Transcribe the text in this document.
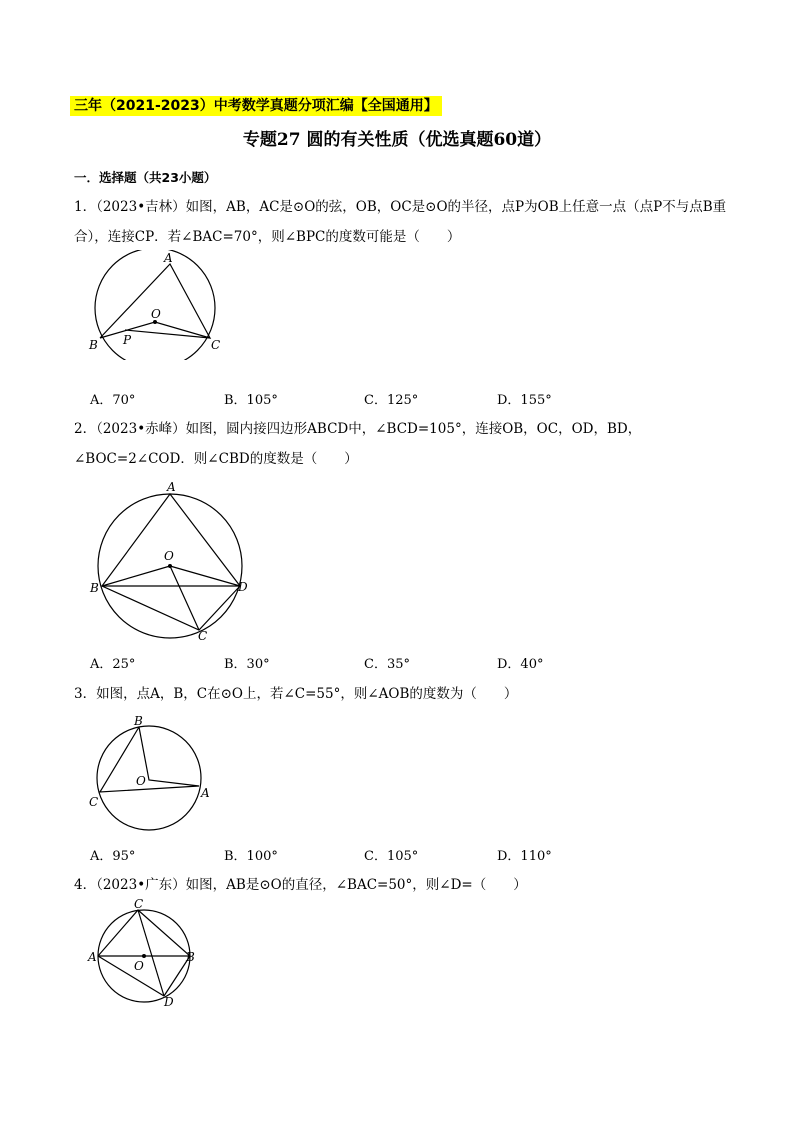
三年（2021-2023）中考数学真题分项汇编【全国通用】
专题27 圆的有关性质（优选真题60道）
一．选择题（共23小题）
1．（2023•吉林）如图，AB，AC是⊙O的弦，OB，OC是⊙O的半径，点P为OB上任意一点（点P不与点B重合），连接CP．若∠BAC=70°，则∠BPC的度数可能是（　　）
A
B	C
O
P
A．70°	B．105°	C．125°	D．155°
2．（2023•赤峰）如图，圆内接四边形ABCD中，∠BCD=105°，连接OB，OC，OD，BD，∠BOC=2∠COD．则∠CBD的度数是（　　）
A
B
C
D
O
A．25°	B．30°	C．35°	D．40°
3．如图，点A，B，C在⊙O上，若∠C=55°，则∠AOB的度数为（　　）
B
C
A
O
A．95°	B．100°	C．105°	D．110°
4．（2023•广东）如图，AB是⊙O的直径，∠BAC=50°，则∠D=（　　）
C
A	B
D
O
